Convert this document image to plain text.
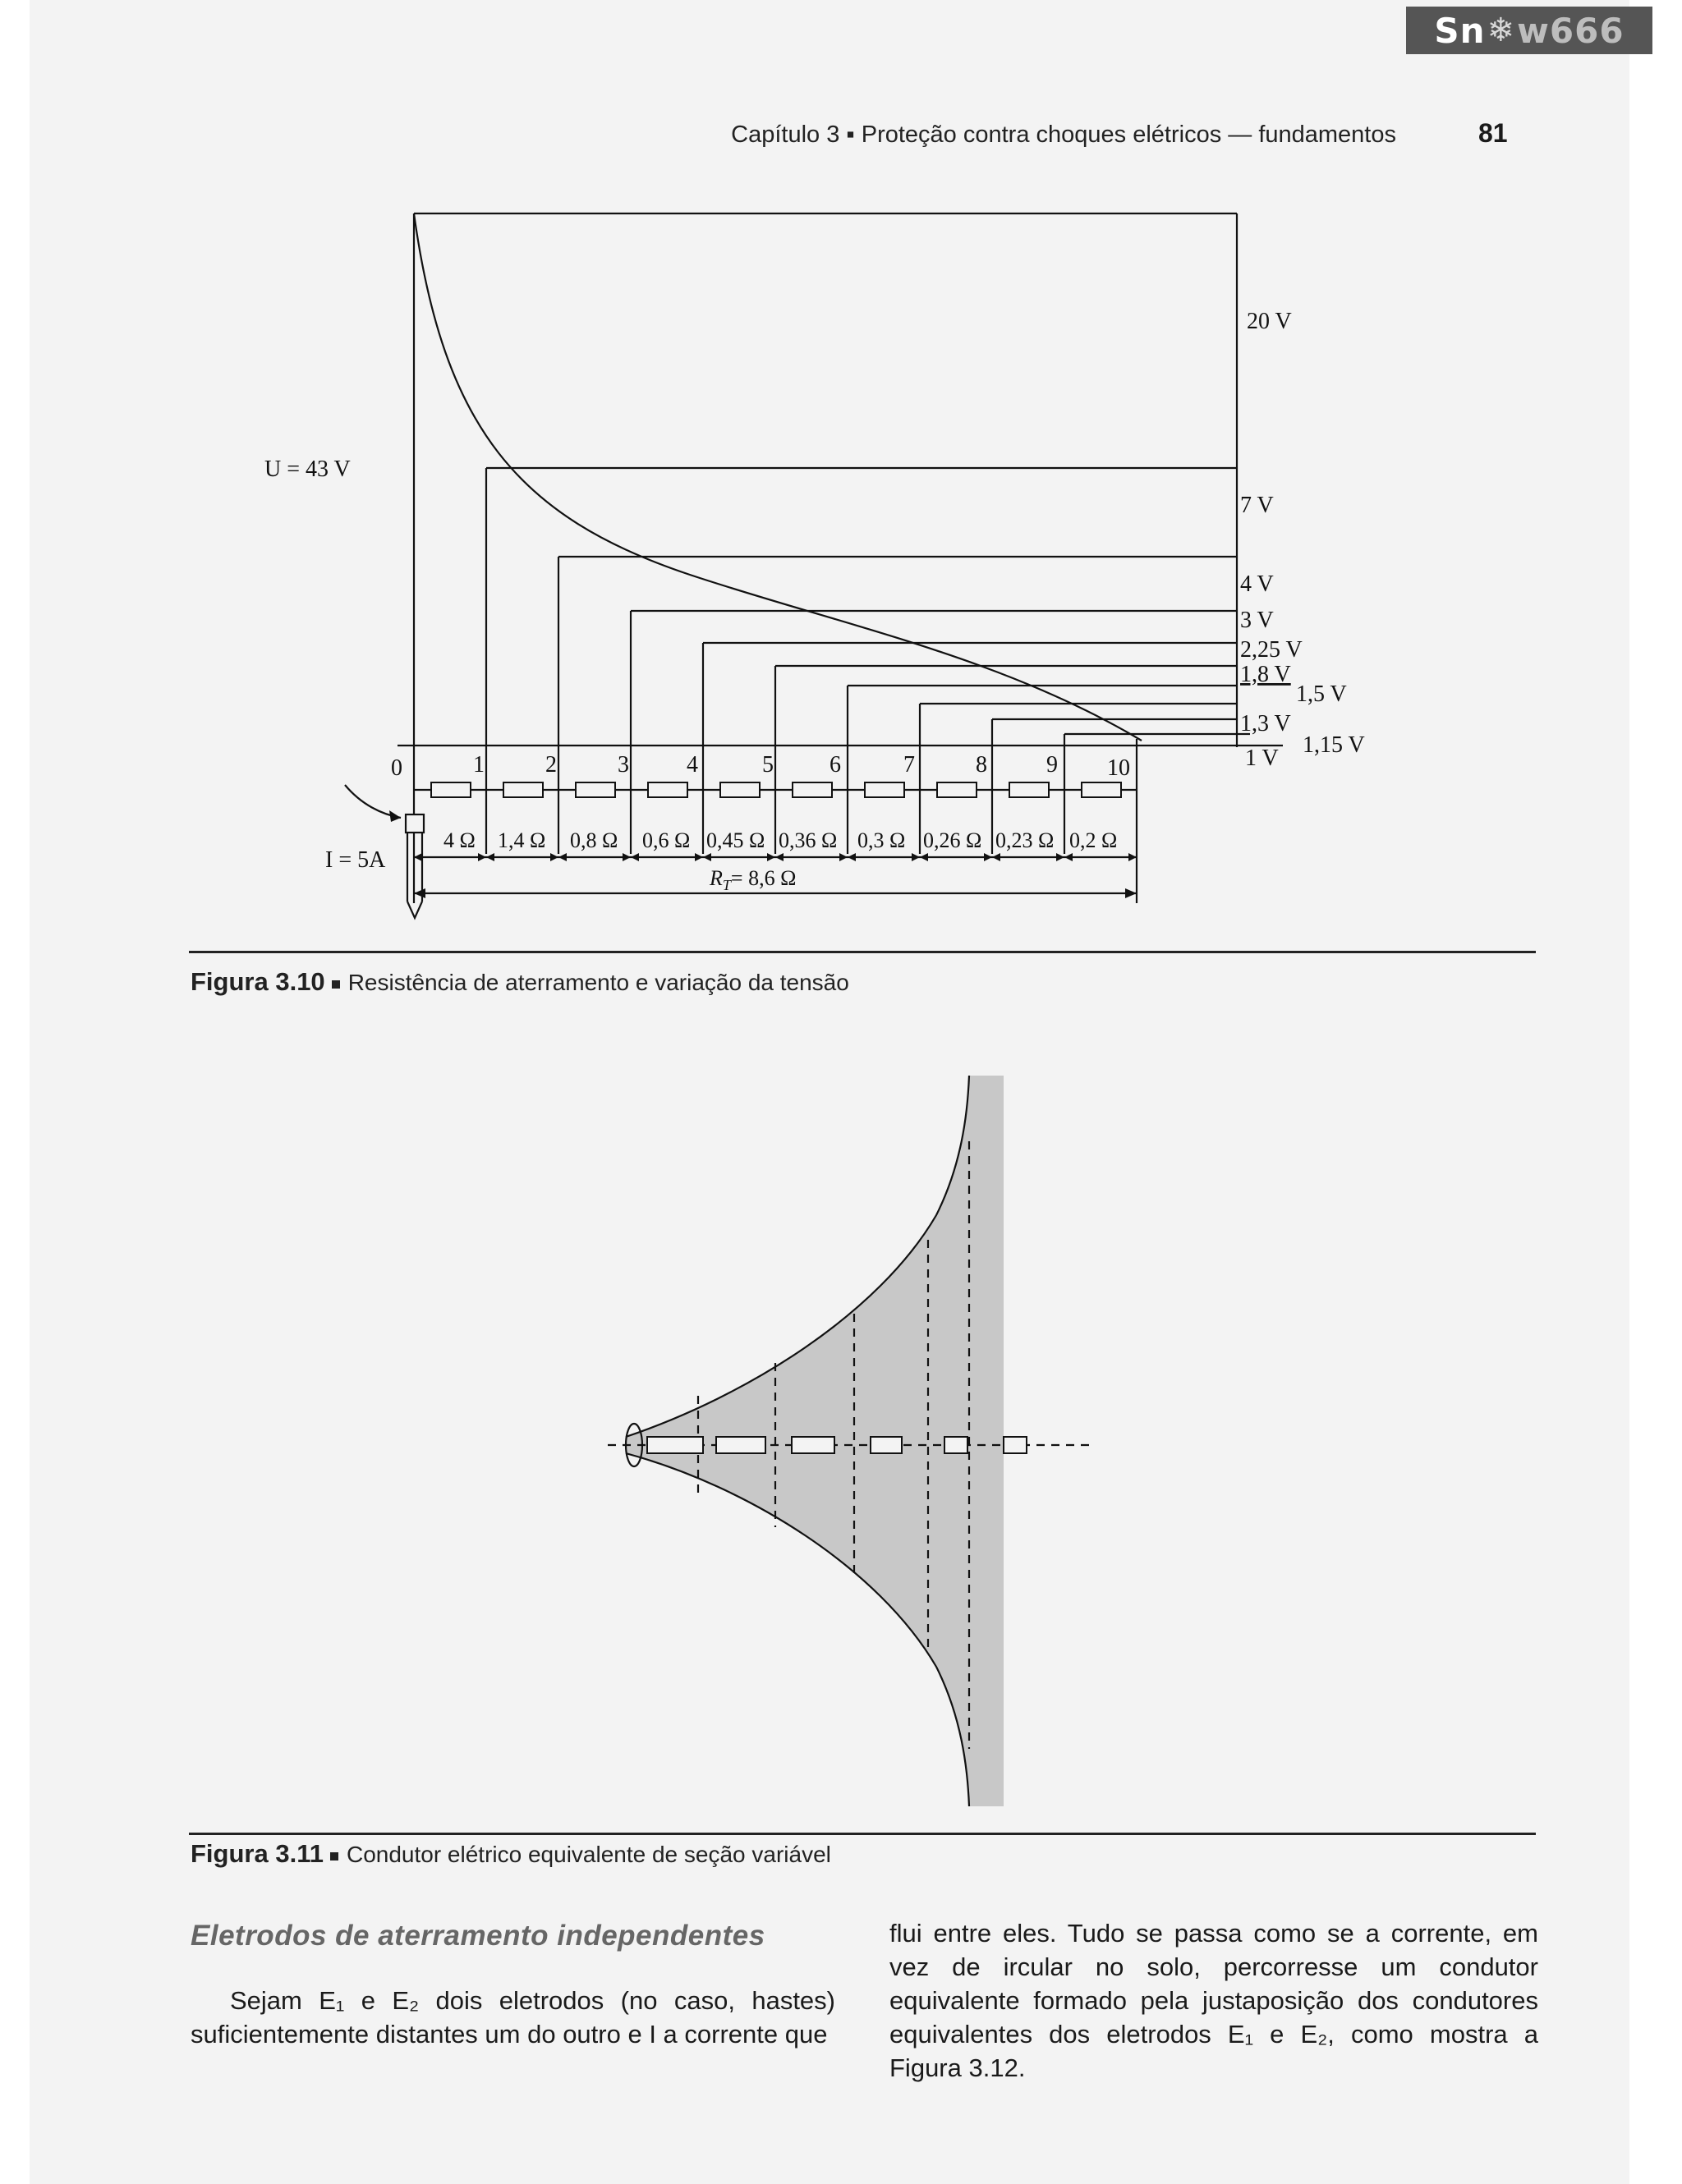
Sn ❄ w666
Capítulo 3 ▪ Proteção contra choques elétricos — fundamentos	81
U = 43 V
I = 5A
20 V
7 V
4 V
3 V
2,25 V
1,8 V
1,5 V
1,3 V
1,15 V
1 V
0	1	2	3	4	5 6	7	8	9 10
4 Ω 1,4 Ω 0,8 Ω 0,6 Ω 0,45 Ω 0,36 Ω 0,3 Ω 0,26 Ω 0,23 Ω 0,2 Ω
$R_T= 8,6$ Ω
Figura 3.10 Resistência de aterramento e variação da tensão
Figura 3.11 Condutor elétrico equivalente de seção variável
Eletrodos de aterramento independentes
Sejam E₁ e E₂ dois eletrodos (no caso, hastes) suficientemente distantes um do outro e I a corrente que
flui entre eles. Tudo se passa como se a corrente, em vez de ircular no solo, percorresse um condutor equivalente formado pela justaposição dos condutores equivalentes dos eletrodos E₁ e E₂, como mostra a Figura 3.12.
